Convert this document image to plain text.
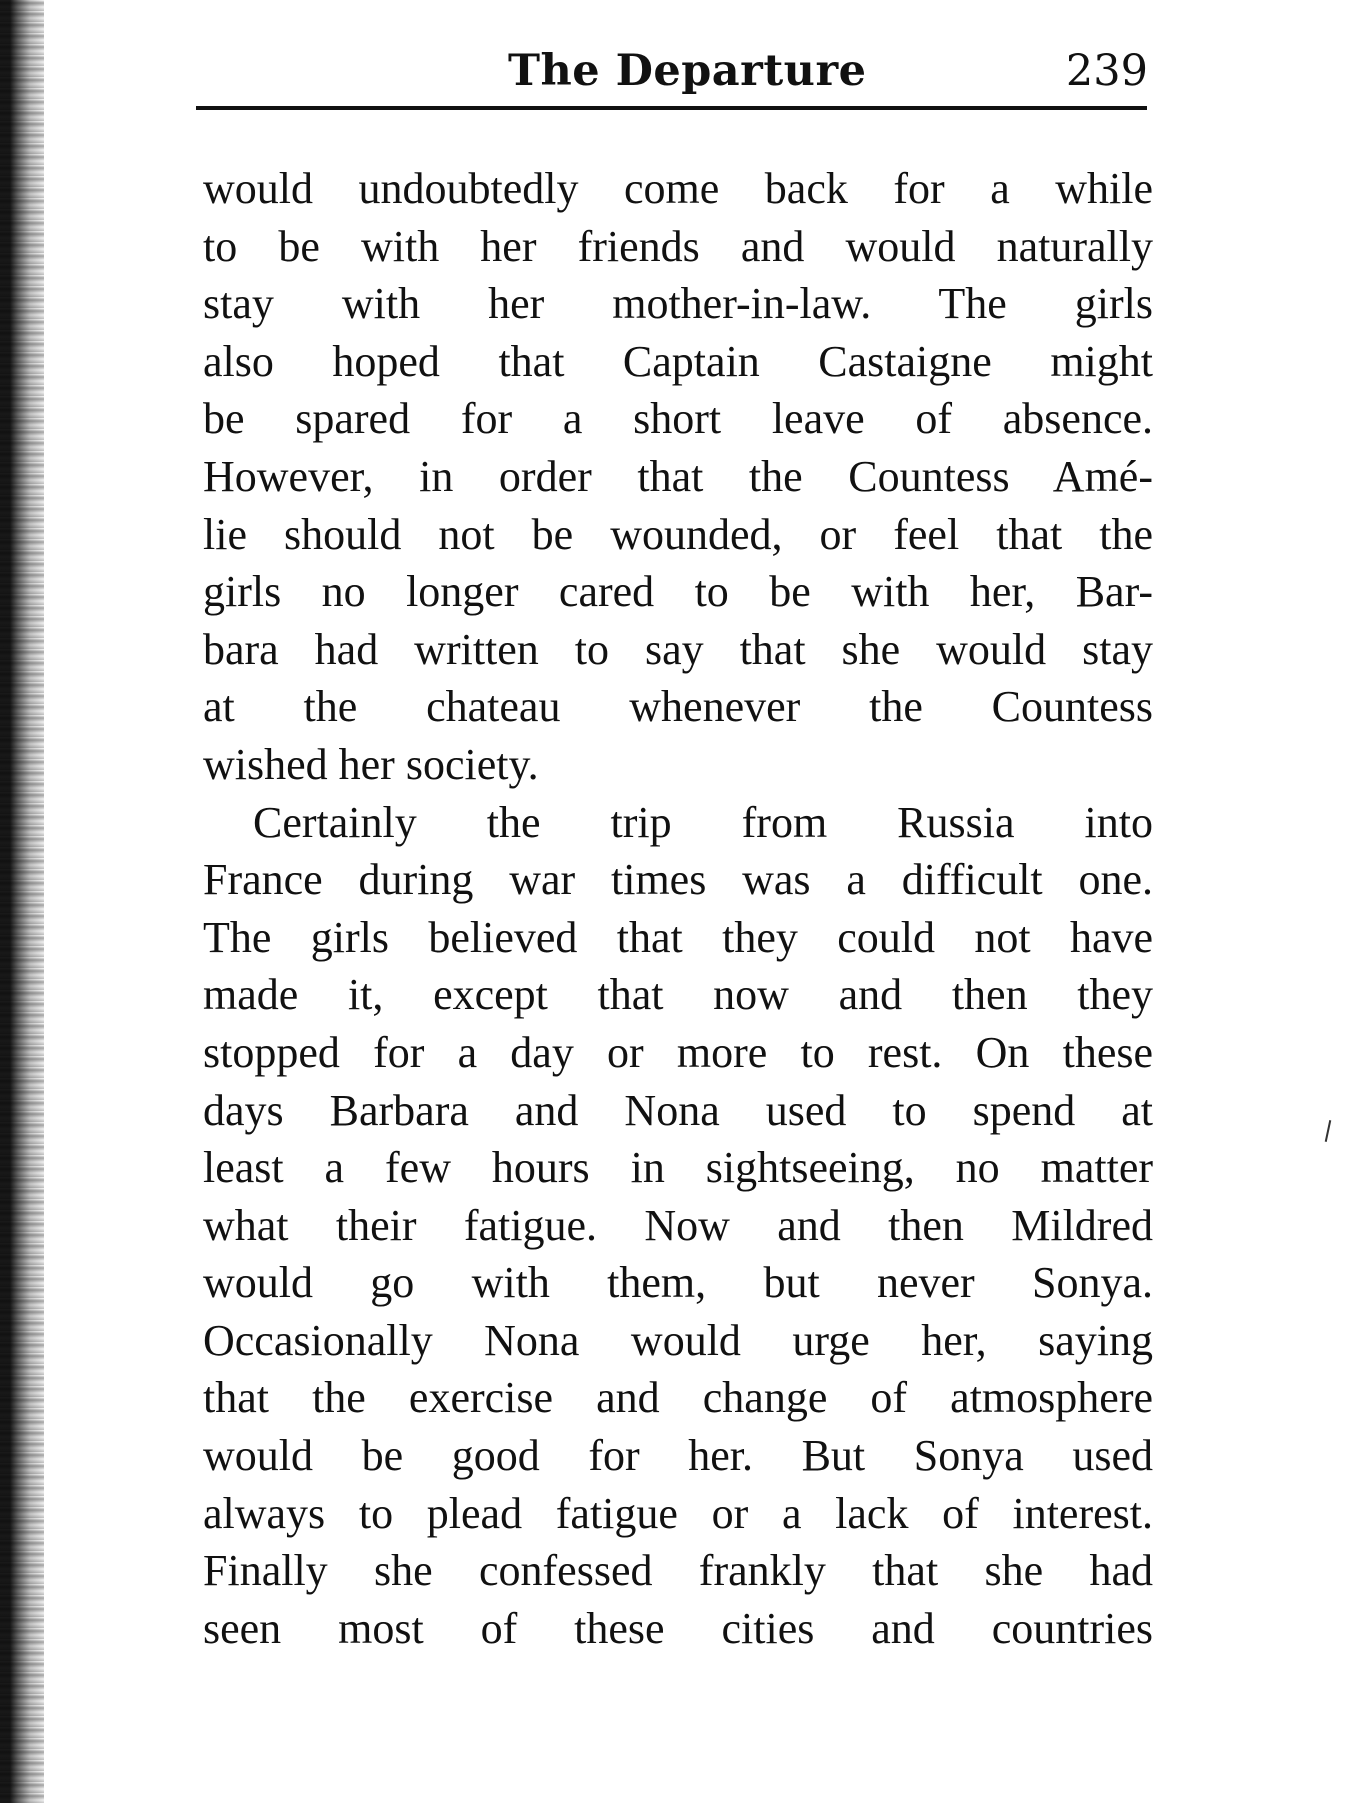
The Departure	239
would undoubtedly come back for a while
to be with her friends and would naturally
stay with her mother-in-law. The girls
also hoped that Captain Castaigne might
be spared for a short leave of absence.
However, in order that the Countess Amé-
lie should not be wounded, or feel that the
girls no longer cared to be with her, Bar-
bara had written to say that she would stay
at the chateau whenever the Countess
wished her society.
Certainly the trip from Russia into
France during war times was a difficult one.
The girls believed that they could not have
made it, except that now and then they
stopped for a day or more to rest. On these
days Barbara and Nona used to spend at
least a few hours in sightseeing, no matter
what their fatigue. Now and then Mildred
would go with them, but never Sonya.
Occasionally Nona would urge her, saying
that the exercise and change of atmosphere
would be good for her. But Sonya used
always to plead fatigue or a lack of interest.
Finally she confessed frankly that she had
seen most of these cities and countries
